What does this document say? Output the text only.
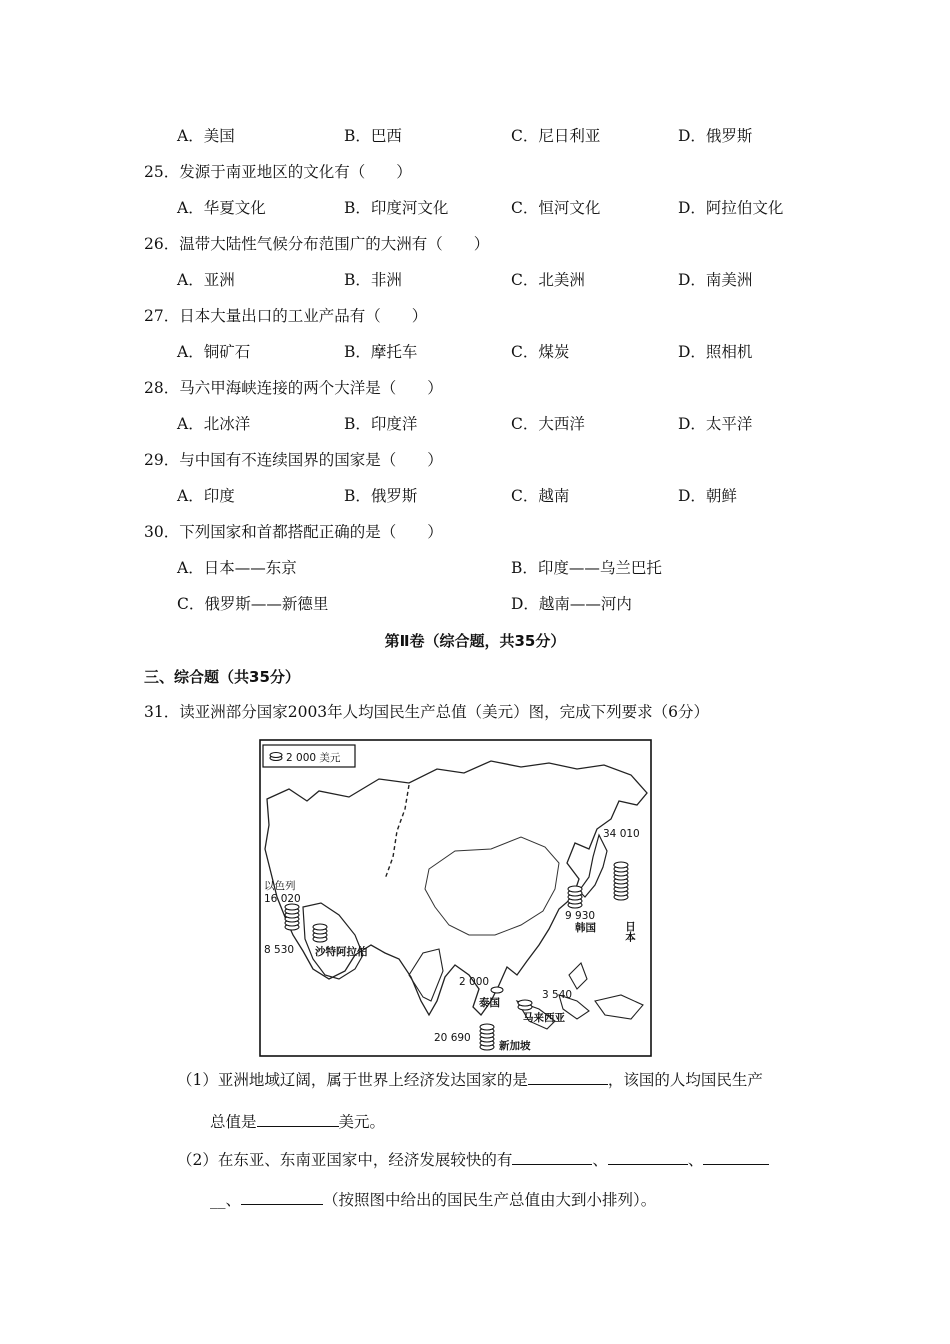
A．美国	B．巴西	C．尼日利亚	D．俄罗斯
25．发源于南亚地区的文化有（　　）
A．华夏文化	B．印度河文化	C．恒河文化	D．阿拉伯文化
26．温带大陆性气候分布范围广的大洲有（　　）
A．亚洲	B．非洲	C．北美洲	D．南美洲
27．日本大量出口的工业产品有（　　）
A．铜矿石	B．摩托车	C．煤炭	D．照相机
28．马六甲海峡连接的两个大洋是（　　）
A．北冰洋	B．印度洋	C．大西洋	D．太平洋
29．与中国有不连续国界的国家是（　　）
A．印度	B．俄罗斯	C．越南	D．朝鲜
30．下列国家和首都搭配正确的是（　　）
A．日本——东京	B．印度——乌兰巴托
C．俄罗斯——新德里	D．越南——河内
第Ⅱ卷（综合题，共35分）
三、综合题（共35分）
31．读亚洲部分国家2003年人均国民生产总值（美元）图，完成下列要求（6分）
2 000 美元
以色列
16 020
8 530 沙特阿拉伯
34 010
日本
9 930
韩国
2 000
泰国
3 540
马来西亚
20 690
新加坡
（1）亚洲地域辽阔，属于世界上经济发达国家的是	，该国的人均国民生产
总值是	美元。
（2）在东亚、东南亚国家中，经济发展较快的有	、	、
__、	（按照图中给出的国民生产总值由大到小排列）。
